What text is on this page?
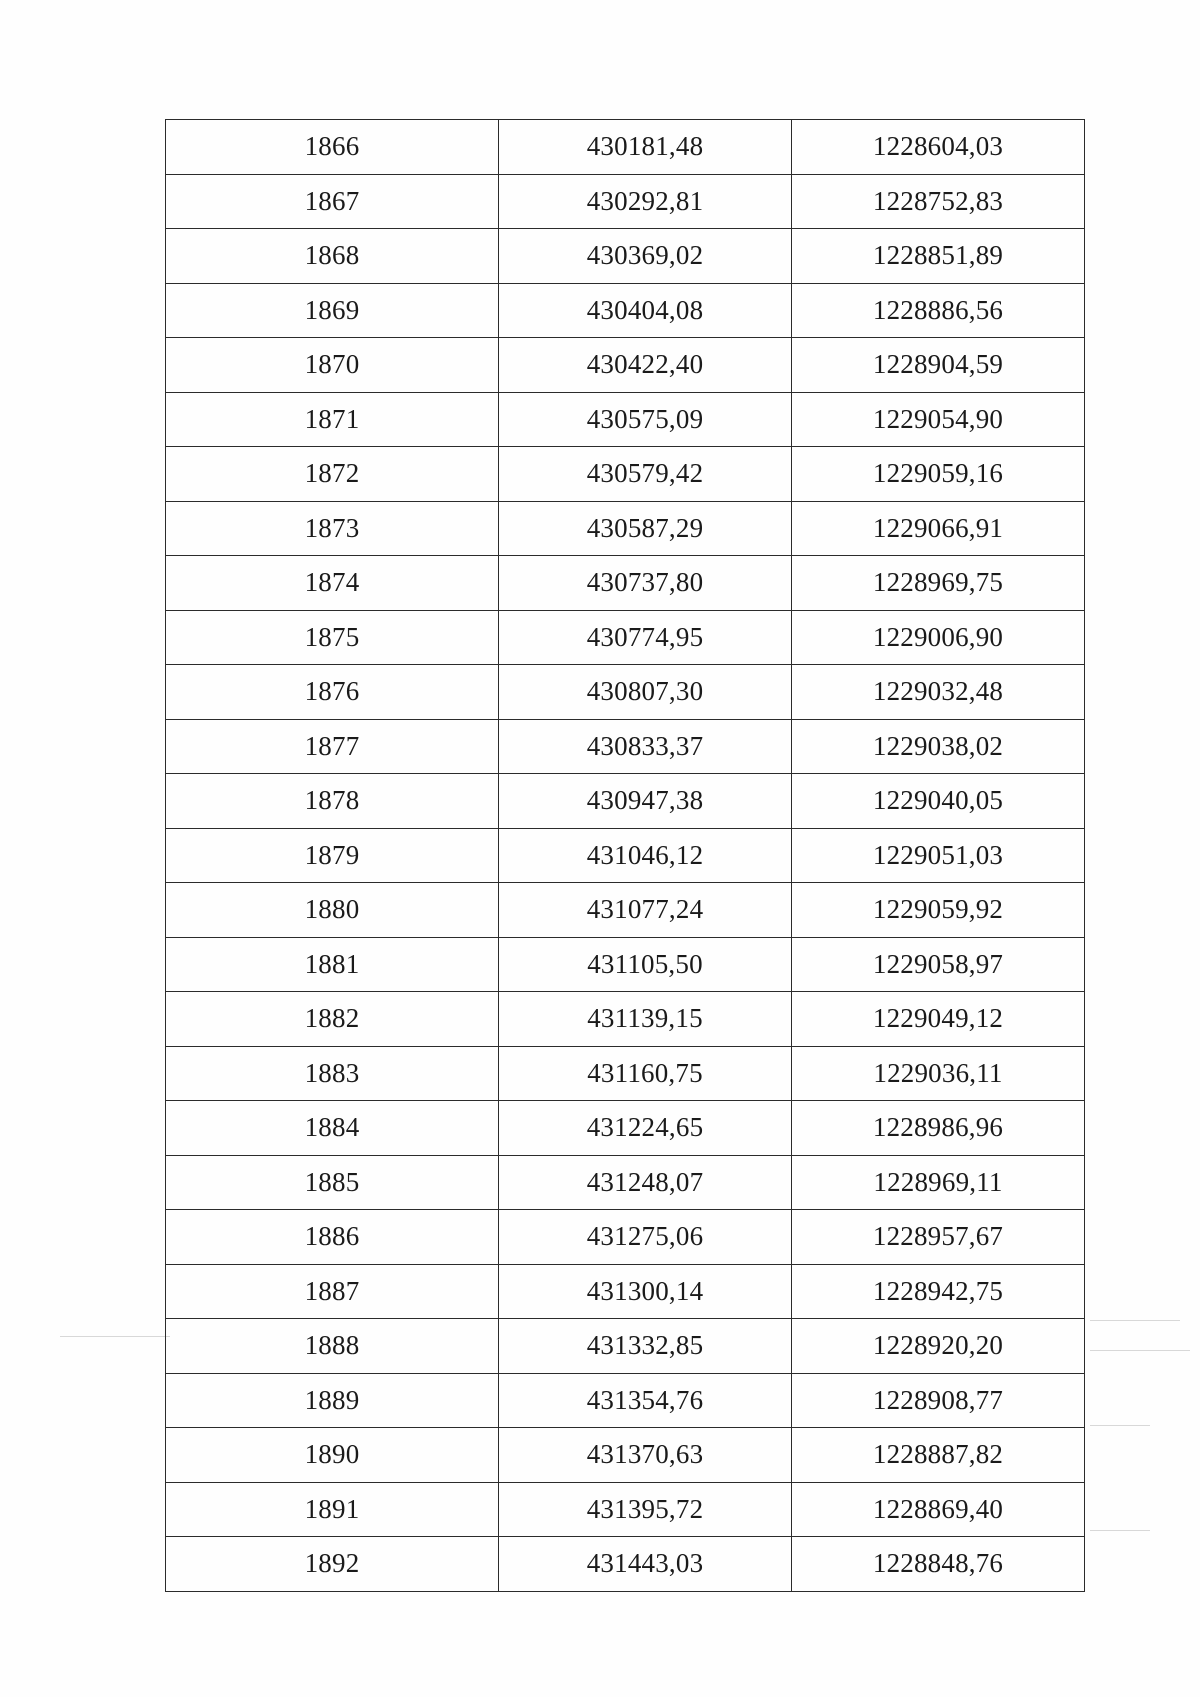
1866	430181,48	1228604,03
1867	430292,81	1228752,83
1868	430369,02	1228851,89
1869	430404,08	1228886,56
1870	430422,40	1228904,59
1871	430575,09	1229054,90
1872	430579,42	1229059,16
1873	430587,29	1229066,91
1874	430737,80	1228969,75
1875	430774,95	1229006,90
1876	430807,30	1229032,48
1877	430833,37	1229038,02
1878	430947,38	1229040,05
1879	431046,12	1229051,03
1880	431077,24	1229059,92
1881	431105,50	1229058,97
1882	431139,15	1229049,12
1883	431160,75	1229036,11
1884	431224,65	1228986,96
1885	431248,07	1228969,11
1886	431275,06	1228957,67
1887	431300,14	1228942,75
1888	431332,85	1228920,20
1889	431354,76	1228908,77
1890	431370,63	1228887,82
1891	431395,72	1228869,40
1892	431443,03	1228848,76
